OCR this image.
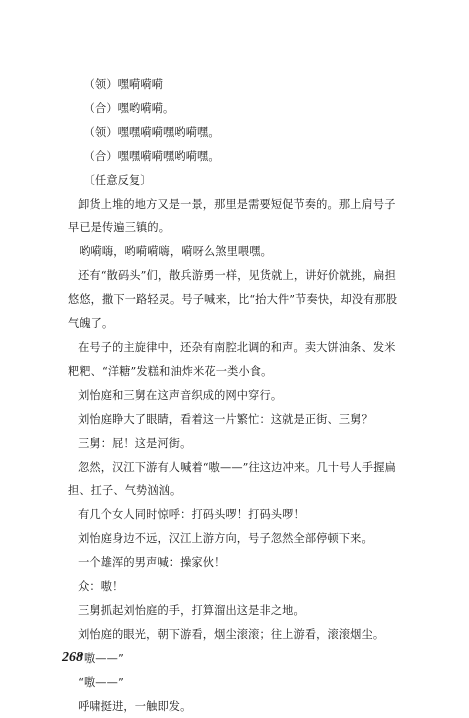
（领）嘿嗬嗬嗬

（合）嘿哟嗬嗬。

（领）嘿嘿嗬嗬嘿哟嗬嘿。

（合）嘿嘿嗬嗬嘿哟嗬嘿。

〔任意反复〕

卸货上堆的地方又是一景，那里是需要短促节奏的。那上肩号子早已是传遍三镇的。

哟嗬嗨，哟嗬嗬嗨，嗬呀么煞里喂嘿。

还有“散码头”们，散兵游勇一样，见货就上，讲好价就挑，扁担悠悠，撒下一路轻灵。号子喊来，比“抬大件”节奏快，却没有那股气魄了。

在号子的主旋律中，还杂有南腔北调的和声。卖大饼油条、发米粑粑、“洋糖”发糕和油炸米花一类小食。

刘怡庭和三舅在这声音织成的网中穿行。

刘怡庭睁大了眼睛，看着这一片繁忙：这就是正街、三舅？

三舅：屁！这是河街。

忽然，汉江下游有人喊着“嗷——”往这边冲来。几十号人手握扁担、扛子、气势汹汹。

有几个女人同时惊呼：打码头啰！打码头啰！

刘怡庭身边不远，汉江上游方向，号子忽然全部停顿下来。

一个雄浑的男声喊：操家伙！

众：嗷！

三舅抓起刘怡庭的手，打算溜出这是非之地。

刘怡庭的眼光，朝下游看，烟尘滚滚；往上游看，滚滚烟尘。

“嗷——”

“嗷——”

呼啸挺进，一触即发。

268
